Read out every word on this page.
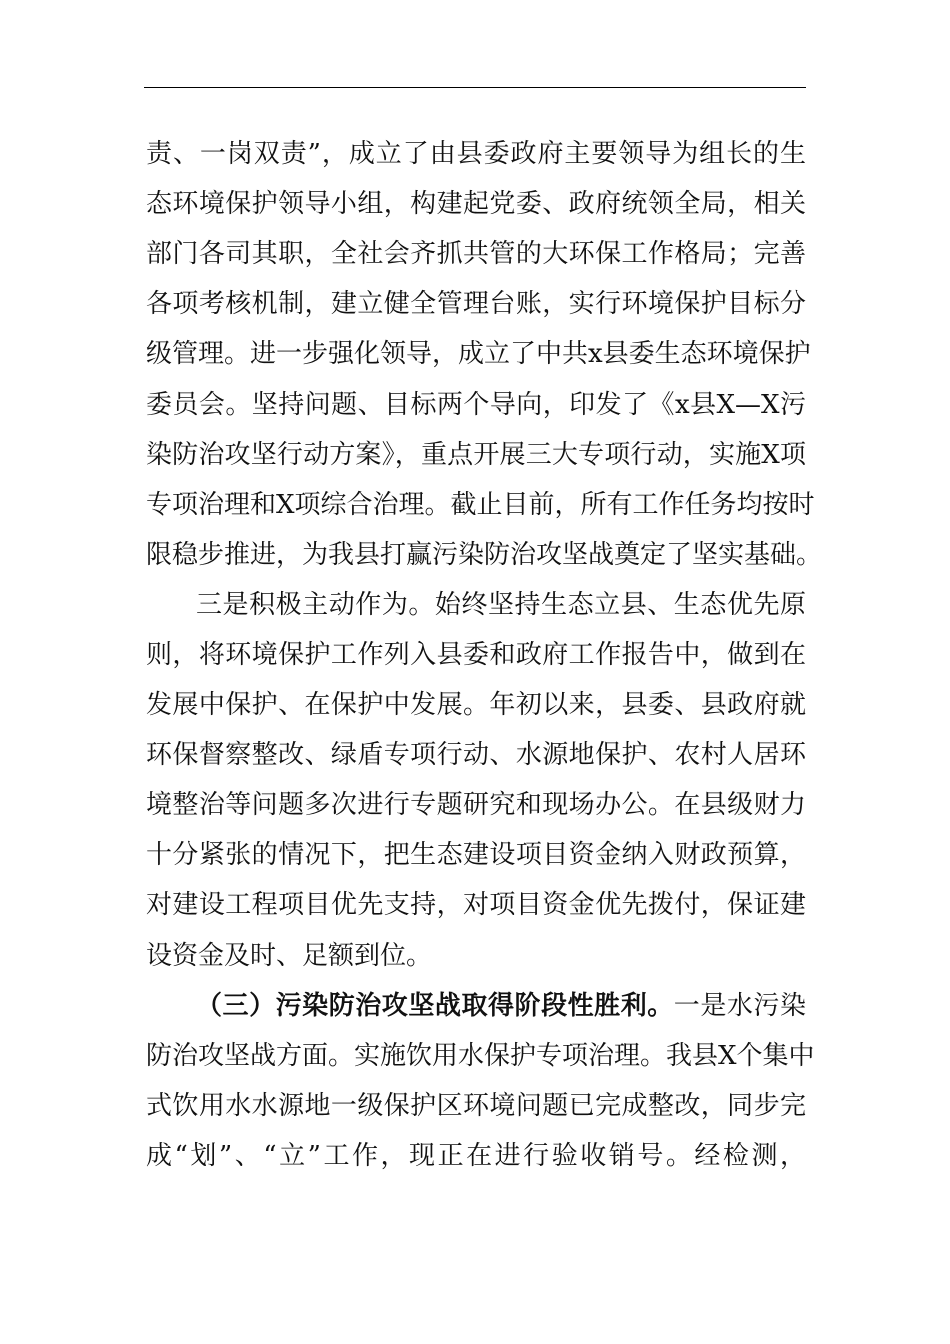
责、一岗双责”，成立了由县委政府主要领导为组长的生
态环境保护领导小组，构建起党委、政府统领全局，相关
部门各司其职，全社会齐抓共管的大环保工作格局；完善
各项考核机制，建立健全管理台账，实行环境保护目标分
级管理。进一步强化领导，成立了中共x县委生态环境保护
委员会。坚持问题、目标两个导向，印发了《x县X—X污
染防治攻坚行动方案》，重点开展三大专项行动，实施X项
专项治理和X项综合治理。截止目前，所有工作任务均按时
限稳步推进，为我县打赢污染防治攻坚战奠定了坚实基础。
三是积极主动作为。始终坚持生态立县、生态优先原
则，将环境保护工作列入县委和政府工作报告中，做到在
发展中保护、在保护中发展。年初以来，县委、县政府就
环保督察整改、绿盾专项行动、水源地保护、农村人居环
境整治等问题多次进行专题研究和现场办公。在县级财力
十分紧张的情况下，把生态建设项目资金纳入财政预算，
对建设工程项目优先支持，对项目资金优先拨付，保证建
设资金及时、足额到位。
（三）污染防治攻坚战取得阶段性胜利。一是水污染
防治攻坚战方面。实施饮用水保护专项治理。我县X个集中
式饮用水水源地一级保护区环境问题已完成整改，同步完
成“划”、“立”工作，现正在进行验收销号。经检测，
